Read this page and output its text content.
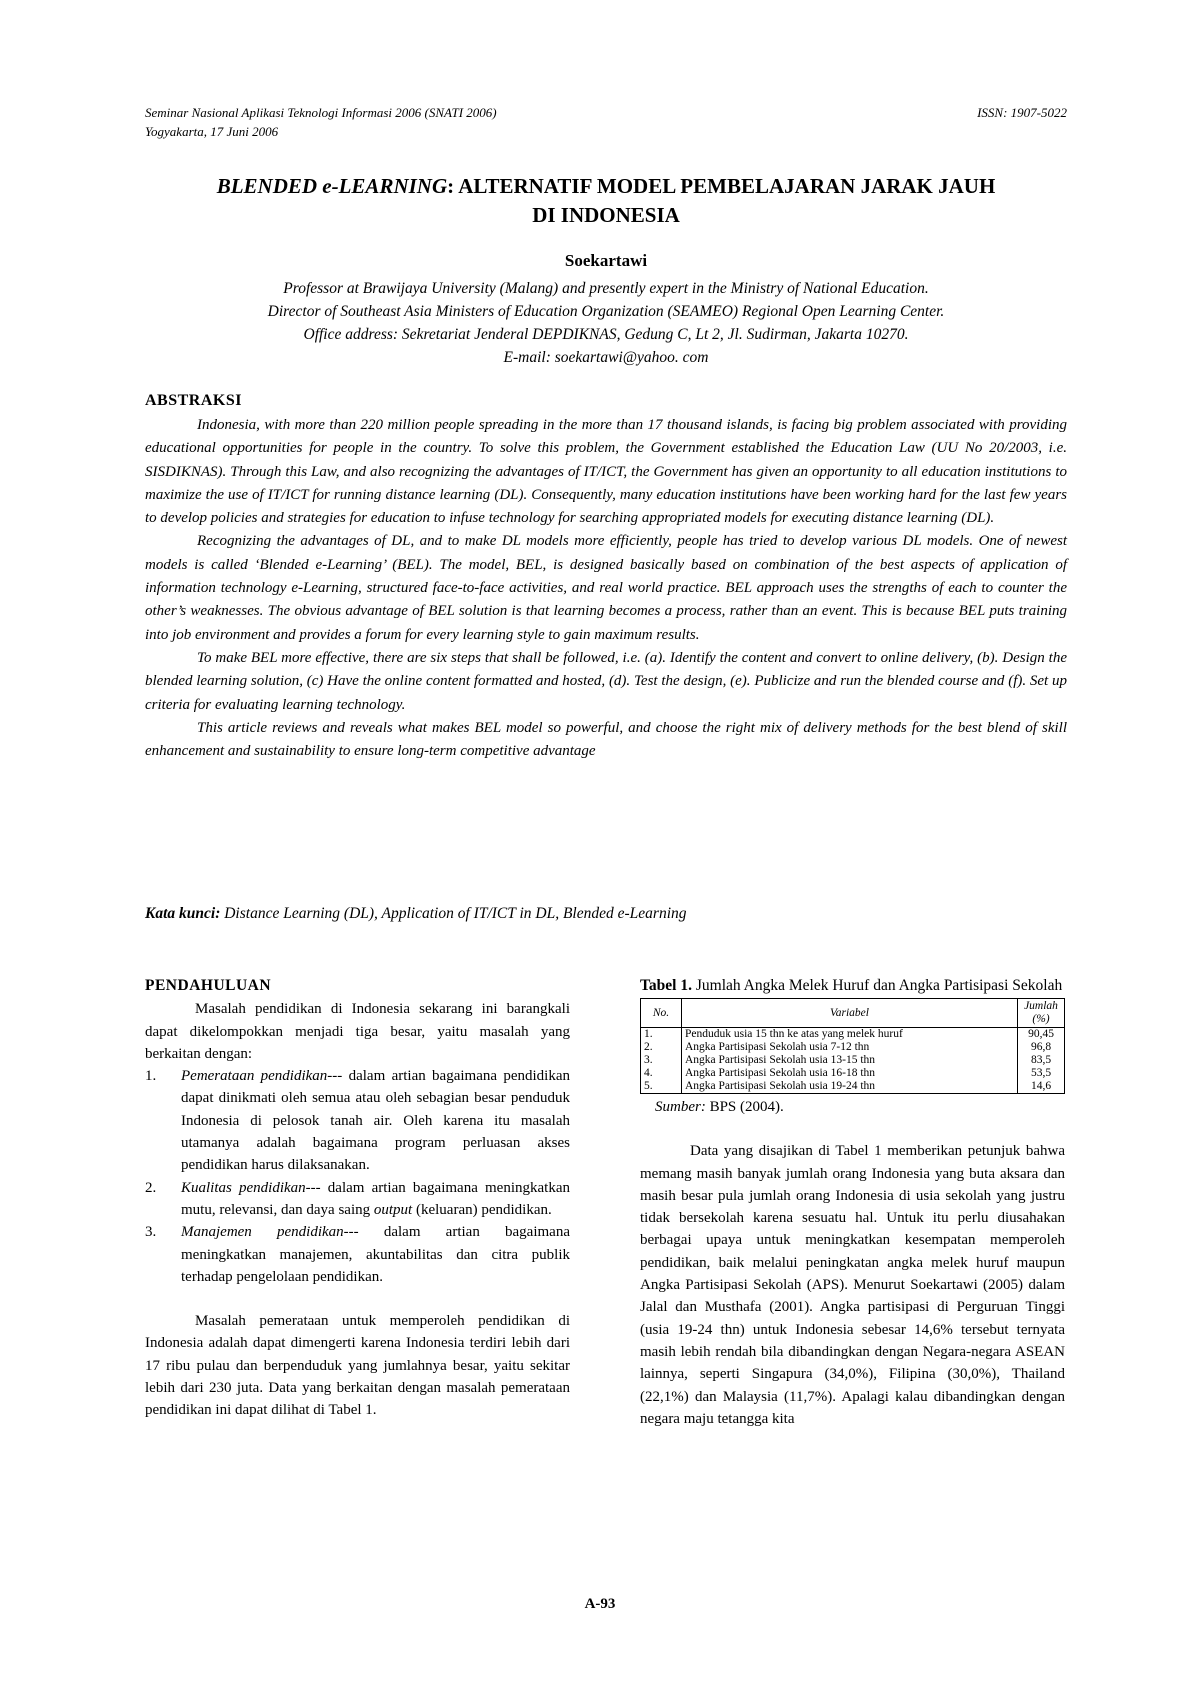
Seminar Nasional Aplikasi Teknologi Informasi 2006 (SNATI 2006)
Yogyakarta, 17 Juni 2006
ISSN: 1907-5022
BLENDED e-LEARNING: ALTERNATIF MODEL PEMBELAJARAN JARAK JAUH
DI INDONESIA
Soekartawi
Professor at Brawijaya University (Malang) and presently expert in the Ministry of National Education.
Director of Southeast Asia Ministers of Education Organization (SEAMEO) Regional Open Learning Center.
Office address: Sekretariat Jenderal DEPDIKNAS, Gedung C, Lt 2, Jl. Sudirman, Jakarta 10270.
E-mail: soekartawi@yahoo. com
ABSTRAKSI

Indonesia, with more than 220 million people spreading in the more than 17 thousand islands, is facing big problem associated with providing educational opportunities for people in the country. To solve this problem, the Government established the Education Law (UU No 20/2003, i.e. SISDIKNAS). Through this Law, and also recognizing the advantages of IT/ICT, the Government has given an opportunity to all education institutions to maximize the use of IT/ICT for running distance learning (DL). Consequently, many education institutions have been working hard for the last few years to develop policies and strategies for education to infuse technology for searching appropriated models for executing distance learning (DL).

Recognizing the advantages of DL, and to make DL models more efficiently, people has tried to develop various DL models. One of newest models is called ‘Blended e-Learning’ (BEL). The model, BEL, is designed basically based on combination of the best aspects of application of information technology e-Learning, structured face-to-face activities, and real world practice. BEL approach uses the strengths of each to counter the other’s weaknesses. The obvious advantage of BEL solution is that learning becomes a process, rather than an event. This is because BEL puts training into job environment and provides a forum for every learning style to gain maximum results.

To make BEL more effective, there are six steps that shall be followed, i.e. (a). Identify the content and convert to online delivery, (b). Design the blended learning solution, (c) Have the online content formatted and hosted, (d). Test the design, (e). Publicize and run the blended course and (f). Set up criteria for evaluating learning technology.

This article reviews and reveals what makes BEL model so powerful, and choose the right mix of delivery methods for the best blend of skill enhancement and sustainability to ensure long-term competitive advantage

Kata kunci: Distance Learning (DL), Application of IT/ICT in DL, Blended e-Learning
PENDAHULUAN

Masalah pendidikan di Indonesia sekarang ini barangkali dapat dikelompokkan menjadi tiga besar, yaitu masalah yang berkaitan dengan:

1. Pemerataan pendidikan--- dalam artian bagaimana pendidikan dapat dinikmati oleh semua atau oleh sebagian besar penduduk Indonesia di pelosok tanah air. Oleh karena itu masalah utamanya adalah bagaimana program perluasan akses pendidikan harus dilaksanakan.
2. Kualitas pendidikan--- dalam artian bagaimana meningkatkan mutu, relevansi, dan daya saing output (keluaran) pendidikan.
3. Manajemen pendidikan--- dalam artian bagaimana meningkatkan manajemen, akuntabilitas dan citra publik terhadap pengelolaan pendidikan.

Masalah pemerataan untuk memperoleh pendidikan di Indonesia adalah dapat dimengerti karena Indonesia terdiri lebih dari 17 ribu pulau dan berpenduduk yang jumlahnya besar, yaitu sekitar lebih dari 230 juta. Data yang berkaitan dengan masalah pemerataan pendidikan ini dapat dilihat di Tabel 1.

Tabel 1. Jumlah Angka Melek Huruf dan Angka Partisipasi Sekolah
No.	Variabel	Jumlah (%)
1.	Penduduk usia 15 thn ke atas yang melek huruf	90,45
2.	Angka Partisipasi Sekolah usia 7-12 thn	96,8
3.	Angka Partisipasi Sekolah usia 13-15 thn	83,5
4.	Angka Partisipasi Sekolah usia 16-18 thn	53,5
5.	Angka Partisipasi Sekolah usia 19-24 thn	14,6
Sumber: BPS (2004).

Data yang disajikan di Tabel 1 memberikan petunjuk bahwa memang masih banyak jumlah orang Indonesia yang buta aksara dan masih besar pula jumlah orang Indonesia di usia sekolah yang justru tidak bersekolah karena sesuatu hal. Untuk itu perlu diusahakan berbagai upaya untuk meningkatkan kesempatan memperoleh pendidikan, baik melalui peningkatan angka melek huruf maupun Angka Partisipasi Sekolah (APS). Menurut Soekartawi (2005) dalam Jalal dan Musthafa (2001). Angka partisipasi di Perguruan Tinggi (usia 19-24 thn) untuk Indonesia sebesar 14,6% tersebut ternyata masih lebih rendah bila dibandingkan dengan Negara-negara ASEAN lainnya, seperti Singapura (34,0%), Filipina (30,0%), Thailand (22,1%) dan Malaysia (11,7%). Apalagi kalau dibandingkan dengan negara maju tetangga kita

A-93
